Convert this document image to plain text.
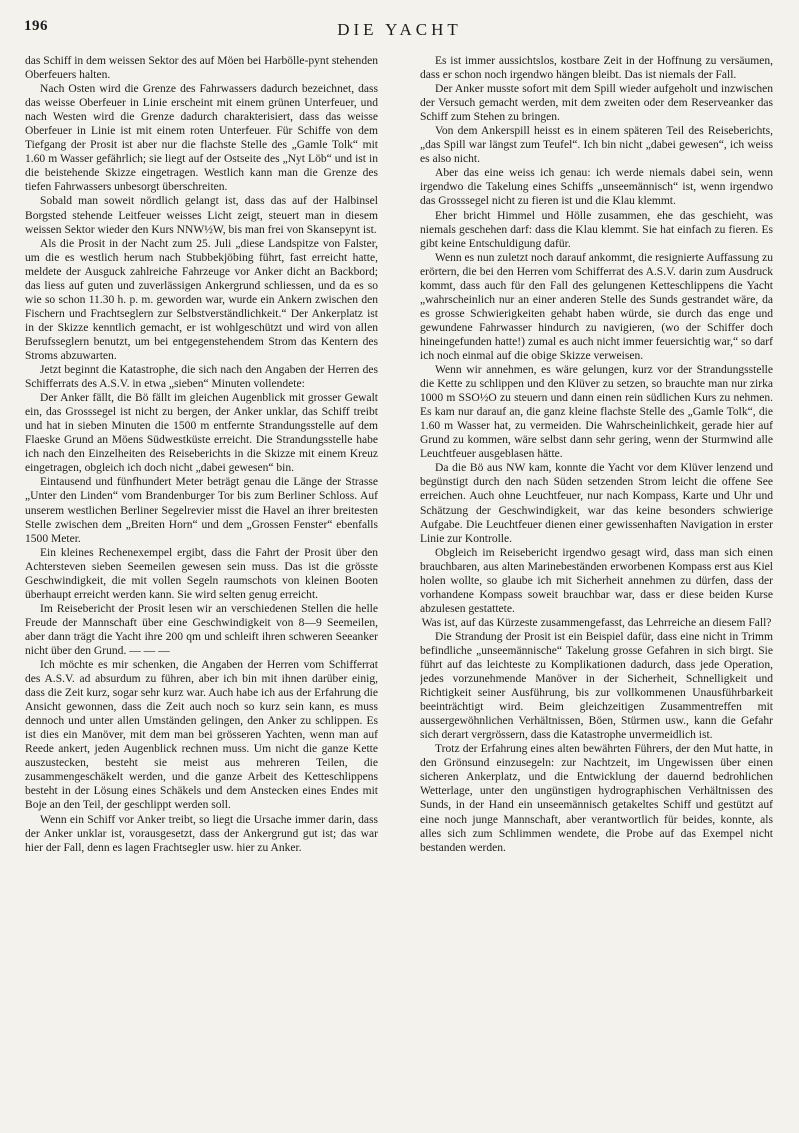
196	DIE YACHT

das Schiff in dem weissen Sektor des auf Möen bei Harbölle-pynt stehenden Oberfeuers halten.

Nach Osten wird die Grenze des Fahrwassers dadurch bezeichnet, dass das weisse Oberfeuer in Linie erscheint mit einem grünen Unterfeuer, und nach Westen wird die Grenze dadurch charakterisiert, dass das weisse Oberfeuer in Linie ist mit einem roten Unterfeuer. Für Schiffe von dem Tiefgang der Prosit ist aber nur die flachste Stelle des „Gamle Tolk“ mit 1.60 m Wasser gefährlich; sie liegt auf der Ostseite des „Nyt Löb“ und ist in die beistehende Skizze eingetragen. Westlich kann man die Grenze des tiefen Fahrwassers unbesorgt überschreiten.

Sobald man soweit nördlich gelangt ist, dass das auf der Halbinsel Borgsted stehende Leitfeuer weisses Licht zeigt, steuert man in diesem weissen Sektor wieder den Kurs NNW½W, bis man frei von Skansepynt ist.

Als die Prosit in der Nacht zum 25. Juli „diese Landspitze von Falster, um die es westlich herum nach Stubbekjöbing führt, fast erreicht hatte, meldete der Ausguck zahlreiche Fahrzeuge vor Anker dicht an Backbord; das liess auf guten und zuverlässigen Ankergrund schliessen, und da es so wie so schon 11.30 h. p. m. geworden war, wurde ein Ankern zwischen den Fischern und Frachtseglern zur Selbstverständlichkeit.“ Der Ankerplatz ist in der Skizze kenntlich gemacht, er ist wohlgeschützt und wird von allen Berufsseglern benutzt, um bei entgegenstehendem Strom das Kentern des Stroms abzuwarten.

Jetzt beginnt die Katastrophe, die sich nach den Angaben der Herren des Schifferrats des A.S.V. in etwa „sieben“ Minuten vollendete:

Der Anker fällt, die Bö fällt im gleichen Augenblick mit grosser Gewalt ein, das Grosssegel ist nicht zu bergen, der Anker unklar, das Schiff treibt und hat in sieben Minuten die 1500 m entfernte Strandungsstelle auf dem Flaeske Grund an Möens Südwestküste erreicht. Die Strandungsstelle habe ich nach den Einzelheiten des Reiseberichts in die Skizze mit einem Kreuz eingetragen, obgleich ich doch nicht „dabei gewesen“ bin.

Eintausend und fünfhundert Meter beträgt genau die Länge der Strasse „Unter den Linden“ vom Brandenburger Tor bis zum Berliner Schloss. Auf unserem westlichen Berliner Segelrevier misst die Havel an ihrer breitesten Stelle zwischen dem „Breiten Horn“ und dem „Grossen Fenster“ ebenfalls 1500 Meter.

Ein kleines Rechenexempel ergibt, dass die Fahrt der Prosit über den Achtersteven sieben Seemeilen gewesen sein muss. Das ist die grösste Geschwindigkeit, die mit vollen Segeln raumschots von kleinen Booten überhaupt erreicht werden kann. Sie wird selten genug erreicht.

Im Reisebericht der Prosit lesen wir an verschiedenen Stellen die helle Freude der Mannschaft über eine Geschwindigkeit von 8—9 Seemeilen, aber dann trägt die Yacht ihre 200 qm und schleift ihren schweren Seeanker nicht über den Grund. — — —

Ich möchte es mir schenken, die Angaben der Herren vom Schifferrat des A.S.V. ad absurdum zu führen, aber ich bin mit ihnen darüber einig, dass die Zeit kurz, sogar sehr kurz war. Auch habe ich aus der Erfahrung die Ansicht gewonnen, dass die Zeit auch noch so kurz sein kann, es muss dennoch und unter allen Umständen gelingen, den Anker zu schlippen. Es ist dies ein Manöver, mit dem man bei grösseren Yachten, wenn man auf Reede ankert, jeden Augenblick rechnen muss. Um nicht die ganze Kette auszustecken, besteht sie meist aus mehreren Teilen, die zusammengeschäkelt werden, und die ganze Arbeit des Ketteschlippens besteht in der Lösung eines Schäkels und dem Anstecken eines Endes mit Boje an den Teil, der geschlippt werden soll.

Wenn ein Schiff vor Anker treibt, so liegt die Ursache immer darin, dass der Anker unklar ist, vorausgesetzt, dass der Ankergrund gut ist; das war hier der Fall, denn es lagen Frachtsegler usw. hier zu Anker.

Es ist immer aussichtslos, kostbare Zeit in der Hoffnung zu versäumen, dass er schon noch irgendwo hängen bleibt. Das ist niemals der Fall.

Der Anker musste sofort mit dem Spill wieder aufgeholt und inzwischen der Versuch gemacht werden, mit dem zweiten oder dem Reserveanker das Schiff zum Stehen zu bringen.

Von dem Ankerspill heisst es in einem späteren Teil des Reiseberichts, „das Spill war längst zum Teufel“. Ich bin nicht „dabei gewesen“, ich weiss es also nicht.

Aber das eine weiss ich genau: ich werde niemals dabei sein, wenn irgendwo die Takelung eines Schiffs „unseemännisch“ ist, wenn irgendwo das Grosssegel nicht zu fieren ist und die Klau klemmt.

Eher bricht Himmel und Hölle zusammen, ehe das geschieht, was niemals geschehen darf: dass die Klau klemmt. Sie hat einfach zu fieren. Es gibt keine Entschuldigung dafür.

Wenn es nun zuletzt noch darauf ankommt, die resignierte Auffassung zu erörtern, die bei den Herren vom Schifferrat des A.S.V. darin zum Ausdruck kommt, dass auch für den Fall des gelungenen Ketteschlippens die Yacht „wahrscheinlich nur an einer anderen Stelle des Sunds gestrandet wäre, da es grosse Schwierigkeiten gehabt haben würde, sie durch das enge und gewundene Fahrwasser hindurch zu navigieren, (wo der Schiffer doch hineingefunden hatte!) zumal es auch nicht immer feuersichtig war,“ so darf ich noch einmal auf die obige Skizze verweisen.

Wenn wir annehmen, es wäre gelungen, kurz vor der Strandungsstelle die Kette zu schlippen und den Klüver zu setzen, so brauchte man nur zirka 1000 m SSO½O zu steuern und dann einen rein südlichen Kurs zu nehmen. Es kam nur darauf an, die ganz kleine flachste Stelle des „Gamle Tolk“, die 1.60 m Wasser hat, zu vermeiden. Die Wahrscheinlichkeit, gerade hier auf Grund zu kommen, wäre selbst dann sehr gering, wenn der Sturmwind alle Leuchtfeuer ausgeblasen hätte.

Da die Bö aus NW kam, konnte die Yacht vor dem Klüver lenzend und begünstigt durch den nach Süden setzenden Strom leicht die offene See erreichen. Auch ohne Leuchtfeuer, nur nach Kompass, Karte und Uhr und Schätzung der Geschwindigkeit, war das keine besonders schwierige Aufgabe. Die Leuchtfeuer dienen einer gewissenhaften Navigation in erster Linie zur Kontrolle.

Obgleich im Reisebericht irgendwo gesagt wird, dass man sich einen brauchbaren, aus alten Marinebeständen erworbenen Kompass erst aus Kiel holen wollte, so glaube ich mit Sicherheit annehmen zu dürfen, dass der vorhandene Kompass soweit brauchbar war, dass er diese beiden Kurse abzulesen gestattete.

Was ist, auf das Kürzeste zusammengefasst, das Lehrreiche an diesem Fall?

Die Strandung der Prosit ist ein Beispiel dafür, dass eine nicht in Trimm befindliche „unseemännische“ Takelung grosse Gefahren in sich birgt. Sie führt auf das leichteste zu Komplikationen dadurch, dass jede Operation, jedes vorzunehmende Manöver in der Sicherheit, Schnelligkeit und Richtigkeit seiner Ausführung, bis zur vollkommenen Unausführbarkeit beeinträchtigt wird. Beim gleichzeitigen Zusammentreffen mit aussergewöhnlichen Verhältnissen, Böen, Stürmen usw., kann die Gefahr sich derart vergrössern, dass die Katastrophe unvermeidlich ist.

Trotz der Erfahrung eines alten bewährten Führers, der den Mut hatte, in den Grönsund einzusegeln: zur Nachtzeit, im Ungewissen über einen sicheren Ankerplatz, und die Entwicklung der dauernd bedrohlichen Wetterlage, unter den ungünstigen hydrographischen Verhältnissen des Sunds, in der Hand ein unseemännisch getakeltes Schiff und gestützt auf eine noch junge Mannschaft, aber verantwortlich für beides, konnte, als alles sich zum Schlimmen wendete, die Probe auf das Exempel nicht bestanden werden.
